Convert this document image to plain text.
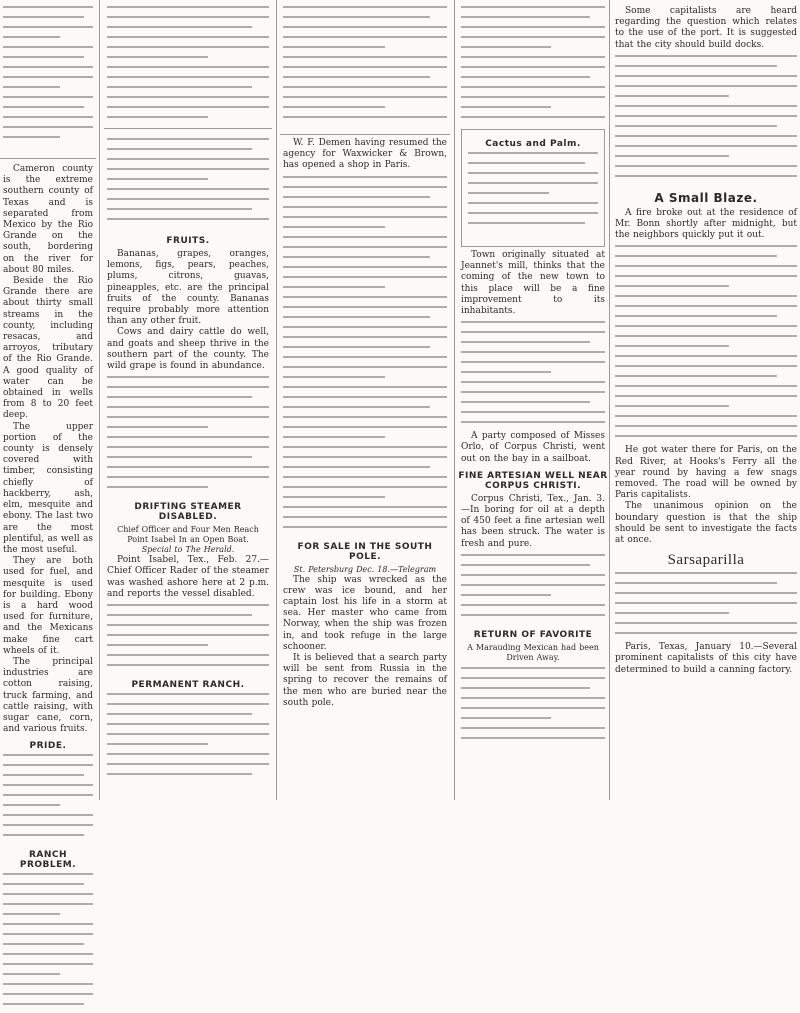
Cameron county is the extreme southern county of Texas and is separated from Mexico by the Rio Grande on the south, bordering on the river for about 80 miles.

Beside the Rio Grande there are about thirty small streams in the county, including resacas, and arroyos, tributary of the Rio Grande. A good quality of water can be obtained in wells from 8 to 20 feet deep.

The upper portion of the county is densely covered with timber, consisting chiefly of hackberry, ash, elm, mesquite and ebony. The last two are the most plentiful, as well as the most useful.

They are both used for fuel, and mesquite is used for building. Ebony is a hard wood used for furniture, and the Mexicans make fine cart wheels of it.

The principal industries are cotton raising, truck farming, and cattle raising, with sugar cane, corn, and various fruits.

PRIDE.
RANCH PROBLEM.
FRUITS.

Bananas, grapes, oranges, lemons, figs, pears, peaches, plums, citrons, guavas, pineapples, etc. are the principal fruits of the county. Bananas require probably more attention than any other fruit.

Cows and dairy cattle do well, and goats and sheep thrive in the southern part of the county. The wild grape is found in abundance.

DRIFTING STEAMER DISABLED.
Chief Officer and Four Men Reach Point Isabel In an Open Boat.
Special to The Herald.

Point Isabel, Tex., Feb. 27.—Chief Officer Rader of the steamer was washed ashore here at 2 p.m. and reports the vessel disabled.

PERMANENT RANCH.

W. F. Demen having resumed the agency for Waxwicker & Brown, has opened a shop in Paris.

FOR SALE IN THE SOUTH POLE.
St. Petersburg Dec. 18.—Telegram

The ship was wrecked as the crew was ice bound, and her captain lost his life in a storm at sea. Her master who came from Norway, when the ship was frozen in, and took refuge in the large schooner.

It is believed that a search party will be sent from Russia in the spring to recover the remains of the men who are buried near the south pole.

Cactus and Palm.

Town originally situated at Jeannet's mill, thinks that the coming of the new town to this place will be a fine improvement to its inhabitants.

A party composed of Misses Orlo, of Corpus Christi, went out on the bay in a sailboat.

FINE ARTESIAN WELL NEAR CORPUS CHRISTI.

Corpus Christi, Tex., Jan. 3.—In boring for oil at a depth of 450 feet a fine artesian well has been struck. The water is fresh and pure.

RETURN OF FAVORITE
A Marauding Mexican had been Driven Away.

Some capitalists are heard regarding the question which relates to the use of the port. It is suggested that the city should build docks.

A Small Blaze.

A fire broke out at the residence of Mr. Bonn shortly after midnight, but the neighbors quickly put it out.

He got water there for Paris, on the Red River, at Hooks's Ferry all the year round by having a few snags removed. The road will be owned by Paris capitalists.

The unanimous opinion on the boundary question is that the ship should be sent to investigate the facts at once.

Sarsaparilla

Paris, Texas, January 10.—Several prominent capitalists of this city have determined to build a canning factory.
